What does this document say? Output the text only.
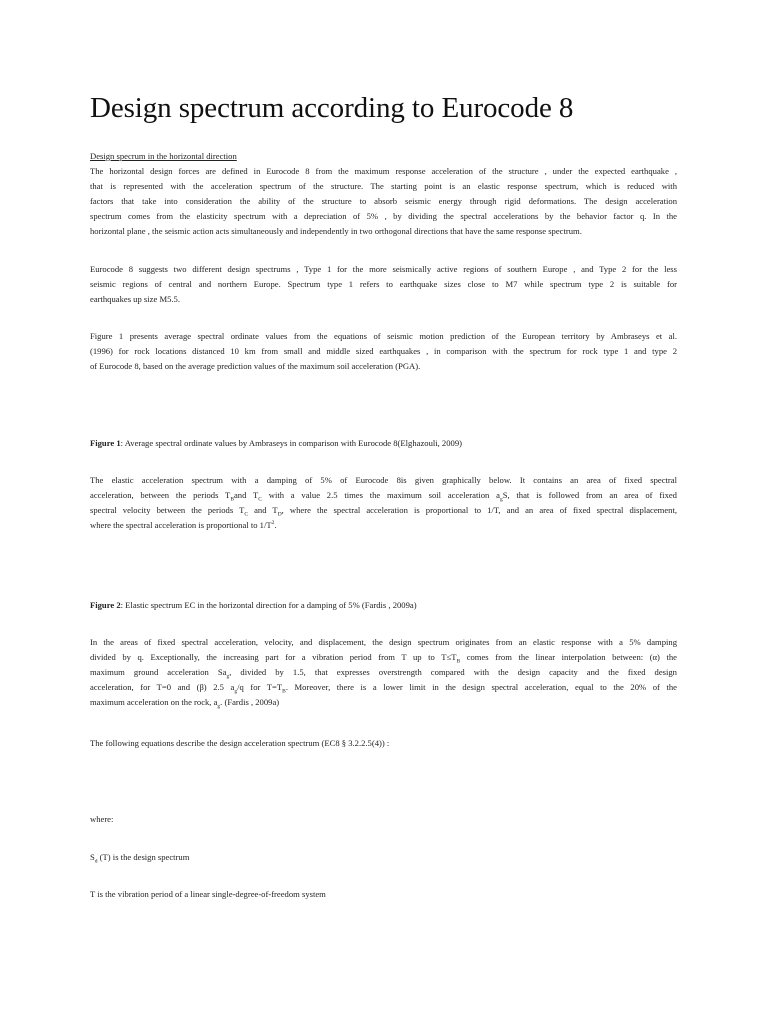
Design spectrum according to Eurocode 8
Design specrum in the horizontal direction
The horizontal design forces are defined in Eurocode 8 from the maximum response acceleration of the structure , under the expected earthquake ,
that is represented with the acceleration spectrum of the structure. The starting point is an elastic response spectrum, which is reduced with
factors that take into consideration the ability of the structure to absorb seismic energy through rigid deformations. The design acceleration
spectrum comes from the elasticity spectrum with a depreciation of 5% , by dividing the spectral accelerations by the behavior factor q. In the
horizontal plane , the seismic action acts simultaneously and independently in two orthogonal directions that have the same response spectrum.
Eurocode 8 suggests two different design spectrums , Type 1 for the more seismically active regions of southern Europe , and Type 2 for the less
seismic regions of central and northern Europe. Spectrum type 1 refers to earthquake sizes close to M7 while spectrum type 2 is suitable for
earthquakes up size M5.5.
Figure 1 presents average spectral ordinate values from the equations of seismic motion prediction of the European territory by Ambraseys et al.
(1996) for rock locations distanced 10 km from small and middle sized earthquakes , in comparison with the spectrum for rock type 1 and type 2
of Eurocode 8, based on the average prediction values of the maximum soil acceleration (PGA).
Figure 1: Average spectral ordinate values by Ambraseys in comparison with Eurocode 8(Elghazouli, 2009)
The elastic acceleration spectrum with a damping of 5% of Eurocode 8is given graphically below. It contains an area of fixed spectral
acceleration, between the periods $T_Band$ $T_C$ with a value 2.5 times the maximum soil acceleration $a_gS$, that is followed from an area of fixed
spectral velocity between the periods $T_C$ and $T_D$, where the spectral acceleration is proportional to 1/T, and an area of fixed spectral displacement,
where the spectral acceleration is proportional to $1/T^2$.
Figure 2: Elastic spectrum EC in the horizontal direction for a damping of 5% (Fardis , 2009a)
In the areas of fixed spectral acceleration, velocity, and displacement, the design spectrum originates from an elastic response with a 5% damping
divided by q. Exceptionally, the increasing part for a vibration period from T up to $T\le T_B$ comes from the linear interpolation between: (α) the
maximum ground acceleration $Sa_g$, divided by 1.5, that expresses overstrength compared with the design capacity and the fixed design
acceleration, for T=0 and (β) 2.5 $a_g/q$ for $T=T_B$. Moreover, there is a lower limit in the design spectral acceleration, equal to the 20% of the
maximum acceleration on the rock, $a_g$. (Fardis , 2009a)
The following equations describe the design acceleration spectrum (EC8 § 3.2.2.5(4)) :
where:
$S_d$ (T) is the design spectrum
T is the vibration period of a linear single-degree-of-freedom system
